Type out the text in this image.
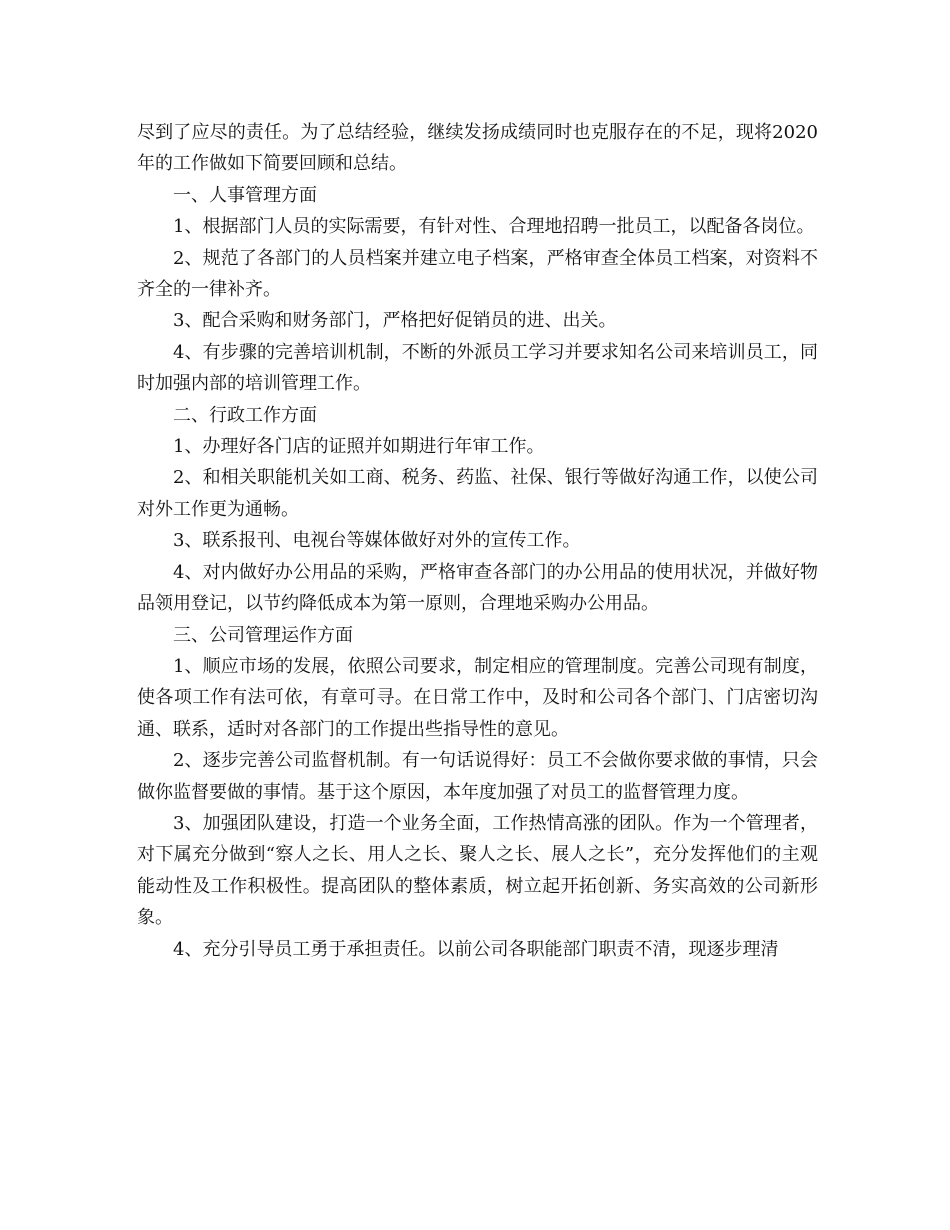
尽到了应尽的责任。为了总结经验，继续发扬成绩同时也克服存在的不足，现将2020年的工作做如下简要回顾和总结。

一、人事管理方面

1、根据部门人员的实际需要，有针对性、合理地招聘一批员工，以配备各岗位。

2、规范了各部门的人员档案并建立电子档案，严格审查全体员工档案，对资料不齐全的一律补齐。

3、配合采购和财务部门，严格把好促销员的进、出关。

4、有步骤的完善培训机制，不断的外派员工学习并要求知名公司来培训员工，同时加强内部的培训管理工作。

二、行政工作方面

1、办理好各门店的证照并如期进行年审工作。

2、和相关职能机关如工商、税务、药监、社保、银行等做好沟通工作，以使公司对外工作更为通畅。

3、联系报刊、电视台等媒体做好对外的宣传工作。

4、对内做好办公用品的采购，严格审查各部门的办公用品的使用状况，并做好物品领用登记，以节约降低成本为第一原则，合理地采购办公用品。

三、公司管理运作方面

1、顺应市场的发展，依照公司要求，制定相应的管理制度。完善公司现有制度，使各项工作有法可依，有章可寻。在日常工作中，及时和公司各个部门、门店密切沟通、联系，适时对各部门的工作提出些指导性的意见。

2、逐步完善公司监督机制。有一句话说得好：员工不会做你要求做的事情，只会做你监督要做的事情。基于这个原因，本年度加强了对员工的监督管理力度。

3、加强团队建设，打造一个业务全面，工作热情高涨的团队。作为一个管理者，对下属充分做到“察人之长、用人之长、聚人之长、展人之长”，充分发挥他们的主观能动性及工作积极性。提高团队的整体素质，树立起开拓创新、务实高效的公司新形象。

4、充分引导员工勇于承担责任。以前公司各职能部门职责不清，现逐步理清
